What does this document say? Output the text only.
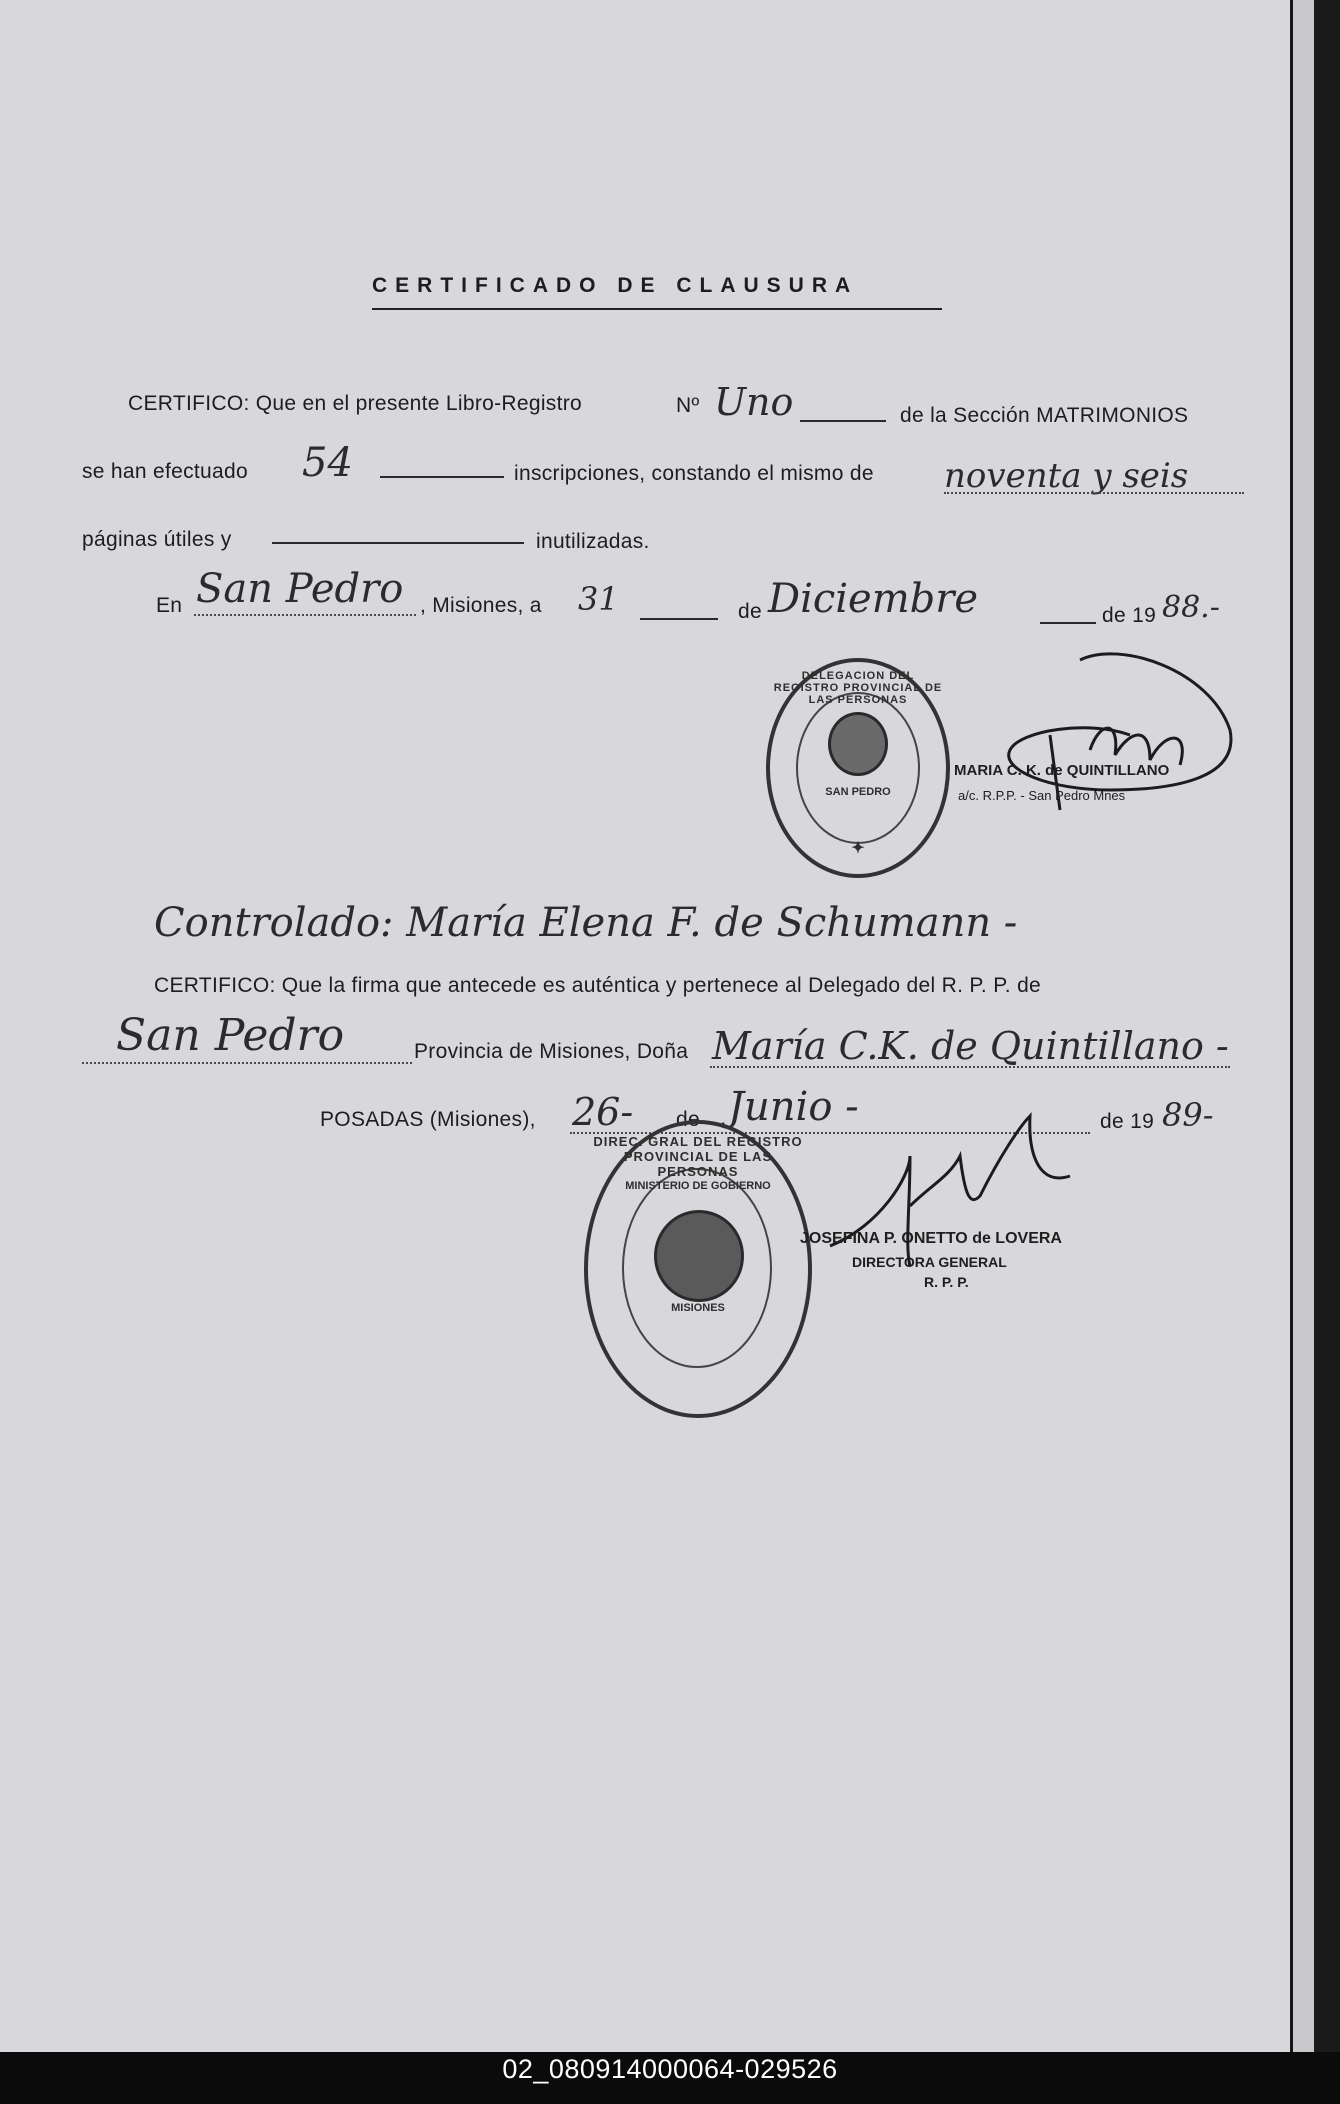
CERTIFICADO DE CLAUSURA
CERTIFICO: Que en el presente Libro-Registro	Nº Uno	de la Sección MATRIMONIOS
se han efectuado 54	inscripciones, constando el mismo de noventa y seis
páginas útiles y	inutilizadas.
En San Pedro , Misiones, a 31	de Diciembre	de 19 88.-
DELEGACION DEL REGISTRO PROVINCIAL DE LAS PERSONAS
SAN PEDRO
✦
MARIA C. K. de QUINTILLANO
a/c. R.P.P. - San Pedro Mnes
Controlado: María Elena F. de Schumann -
CERTIFICO: Que la firma que antecede es auténtica y pertenece al Delegado del R. P. P. de
San Pedro	Provincia de Misiones, Doña María C.K. de Quintillano -
POSADAS (Misiones), 26- de Junio -	de 19 89-
DIREC. GRAL DEL REGISTRO PROVINCIAL DE LAS PERSONAS
MINISTERIO DE GOBIERNO
MISIONES
JOSEFINA P. ONETTO de LOVERA
DIRECTORA GENERAL
R. P. P.
02_080914000064-029526
